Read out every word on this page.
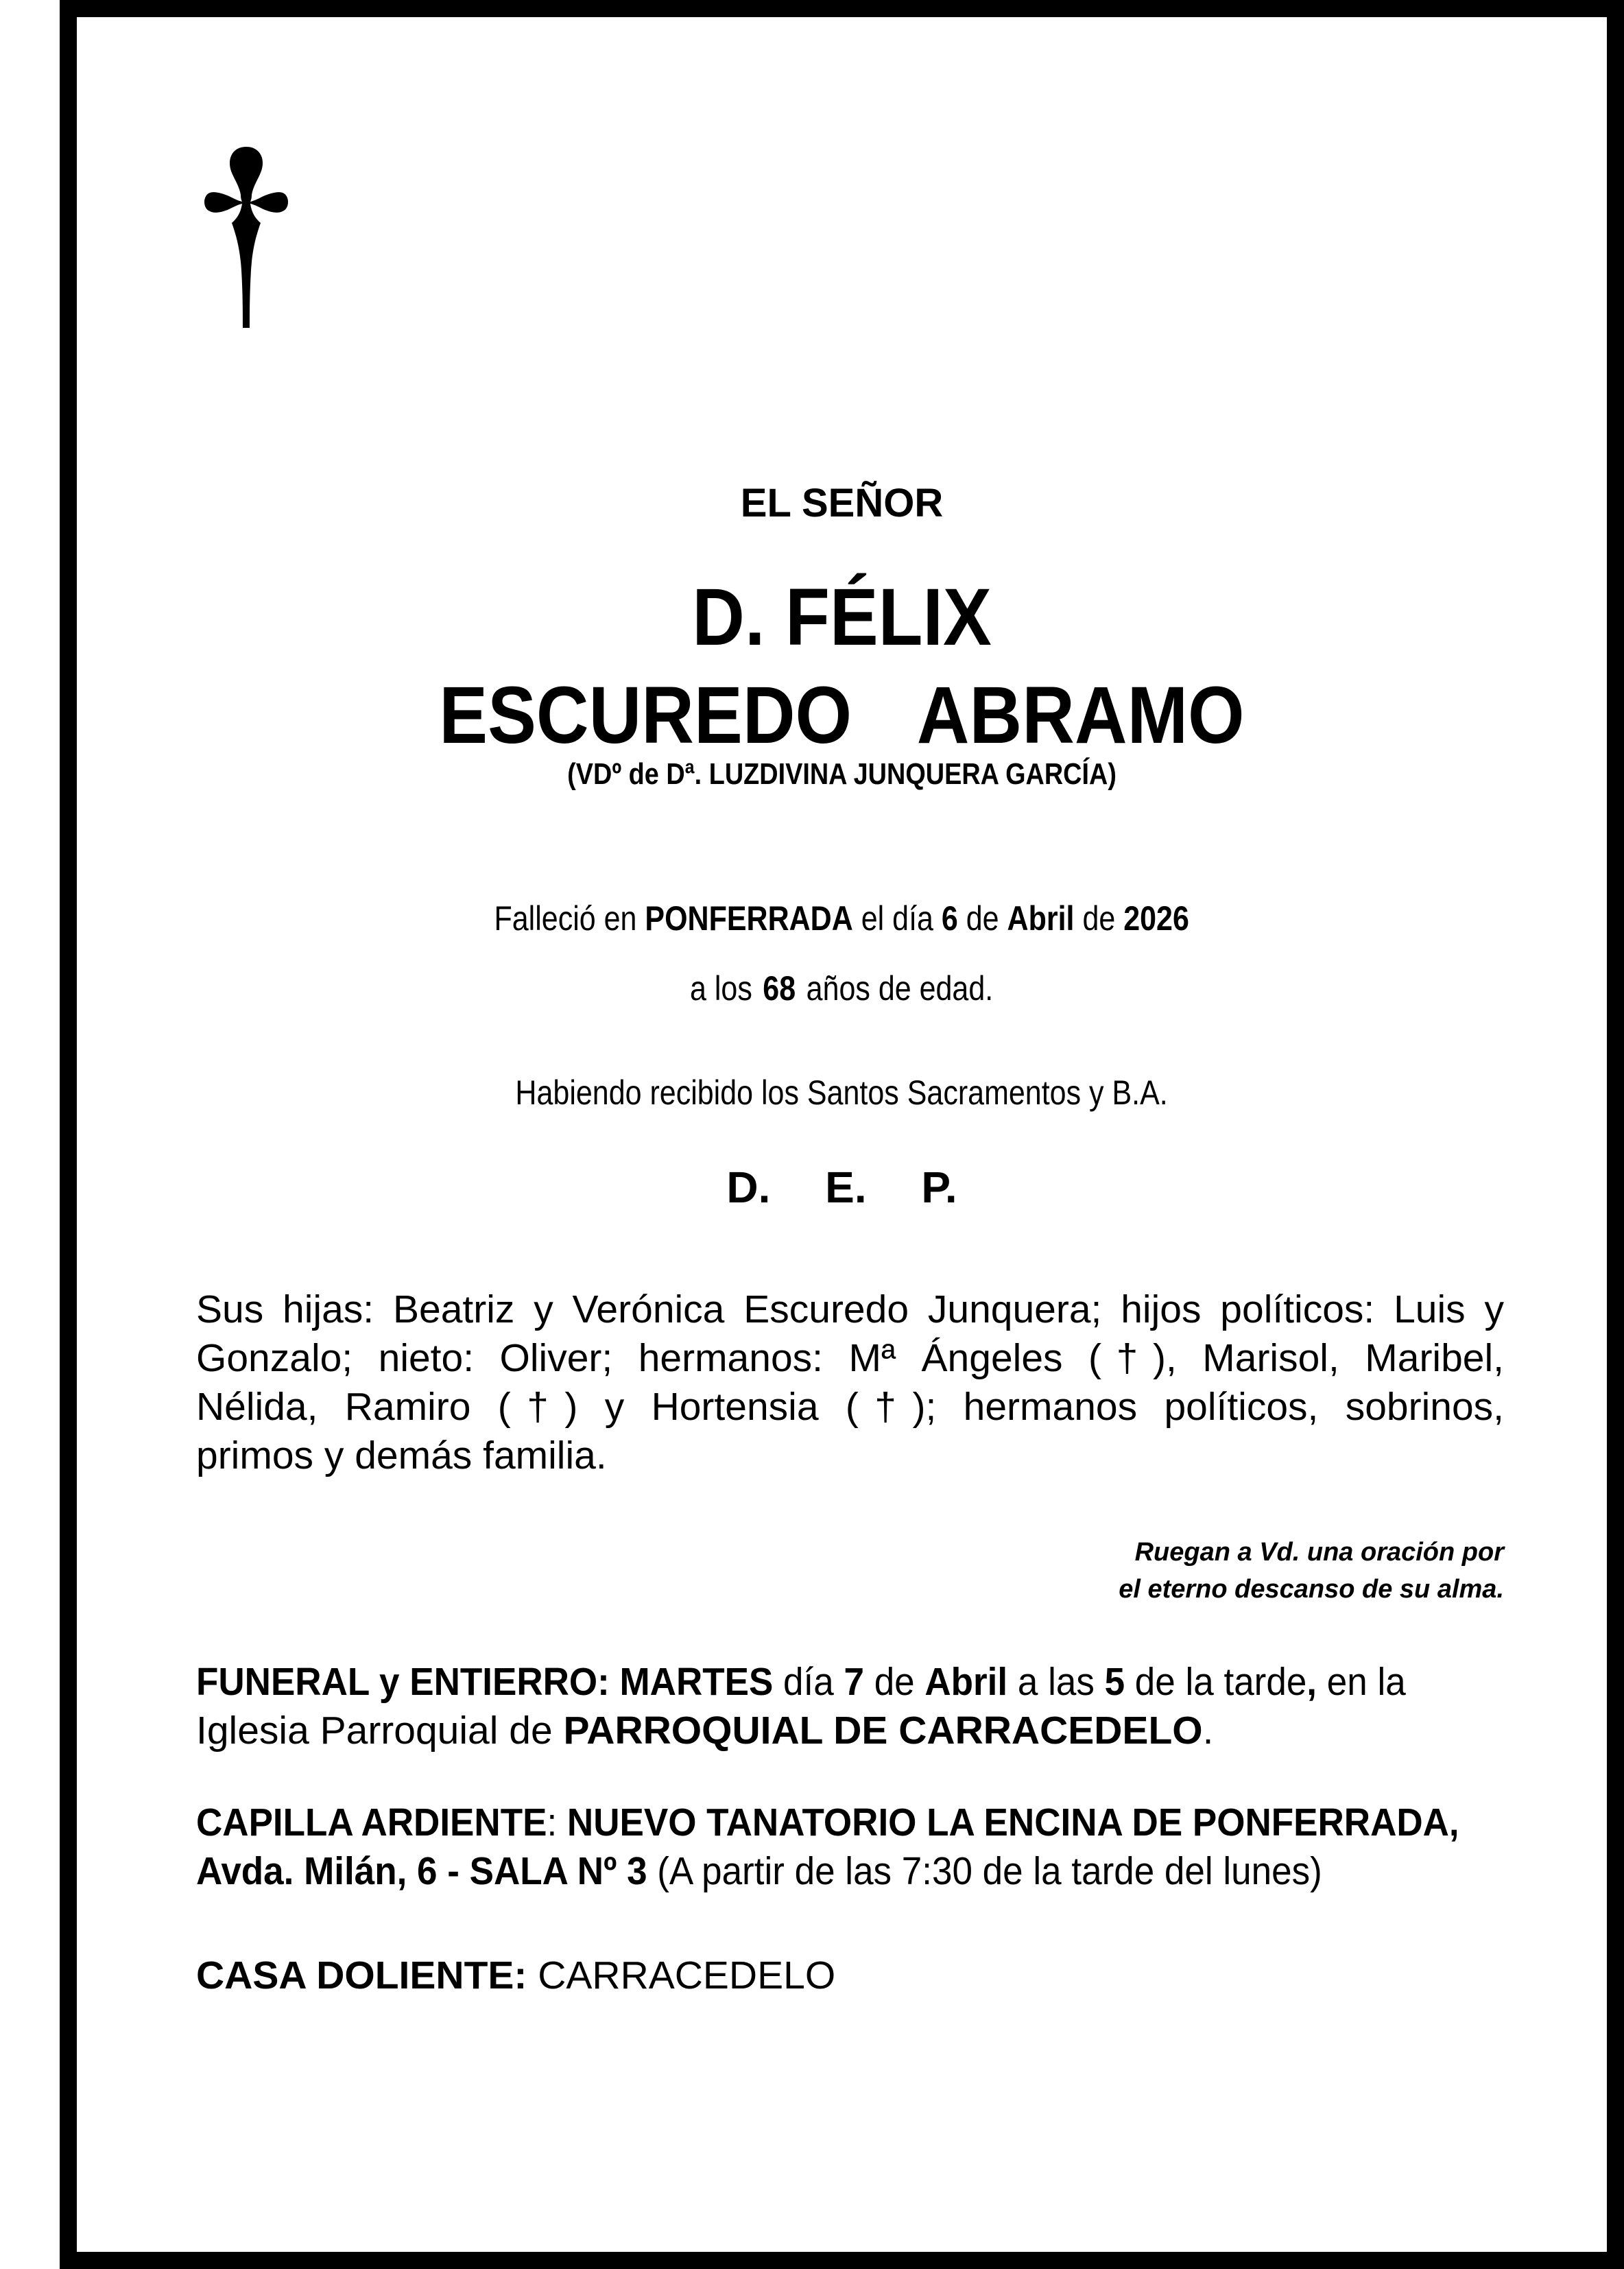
EL SEÑOR
D. FÉLIX
ESCUREDO  ABRAMO
(VDº de Dª. LUZDIVINA JUNQUERA GARCÍA)
Falleció en PONFERRADA el día 6 de Abril de 2026
a los 68 años de edad.
Habiendo recibido los Santos Sacramentos y B.A.
D. E. P.
Sus hijas: Beatriz y Verónica Escuredo Junquera; hijos políticos: Luis y
Gonzalo; nieto: Oliver; hermanos: Mª Ángeles (†), Marisol, Maribel,
Nélida, Ramiro (†) y Hortensia (†); hermanos políticos, sobrinos,
primos y demás familia.
Ruegan a Vd. una oración por
el eterno descanso de su alma.
FUNERAL y ENTIERRO: MARTES día 7 de Abril a las 5 de la tarde, en la
Iglesia Parroquial de PARROQUIAL DE CARRACEDELO.
CAPILLA ARDIENTE: NUEVO TANATORIO LA ENCINA DE PONFERRADA,
Avda. Milán, 6 - SALA Nº 3 (A partir de las 7:30 de la tarde del lunes)
CASA DOLIENTE: CARRACEDELO
